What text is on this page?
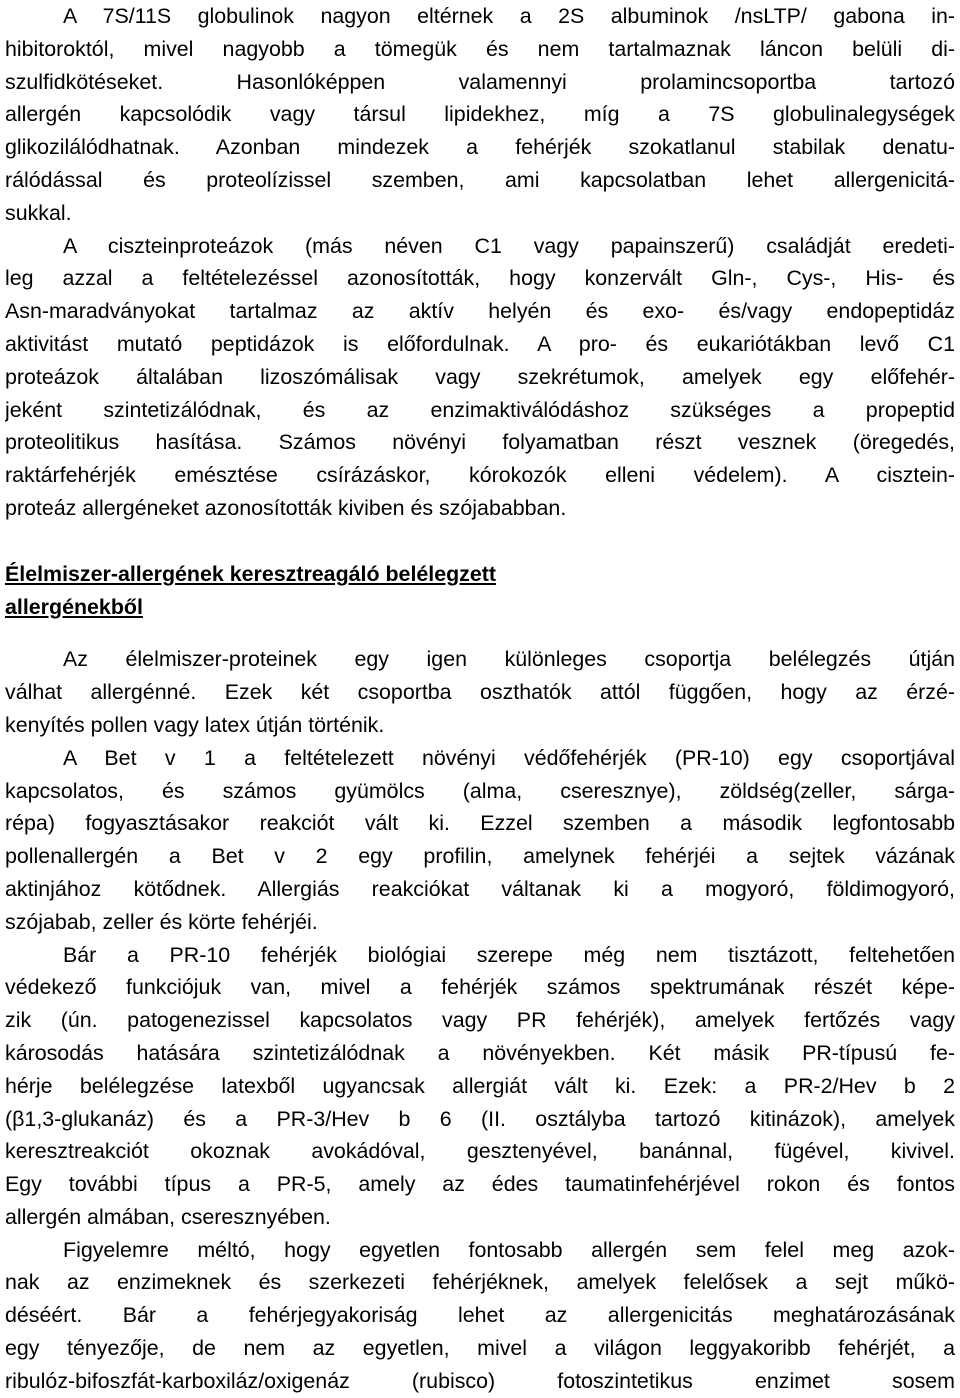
A 7S/11S globulinok nagyon eltérnek a 2S albuminok /nsLTP/ gabona in-
hibitoroktól, mivel nagyobb a tömegük és nem tartalmaznak láncon belüli di-
szulfidkötéseket. Hasonlóképpen valamennyi prolamincsoportba tartozó
allergén kapcsolódik vagy társul lipidekhez, míg a 7S globulinalegységek
glikozilálódhatnak. Azonban mindezek a fehérjék szokatlanul stabilak denatu-
rálódással és proteolízissel szemben, ami kapcsolatban lehet allergenicitá-
sukkal.
A ciszteinproteázok (más néven C1 vagy papainszerű) családját eredeti-
leg azzal a feltételezéssel azonosították, hogy konzervált Gln-, Cys-, His- és
Asn-maradványokat tartalmaz az aktív helyén és exo- és/vagy endopeptidáz
aktivitást mutató peptidázok is előfordulnak. A pro- és eukariótákban levő C1
proteázok általában lizoszómálisak vagy szekrétumok, amelyek egy előfehér-
jeként szintetizálódnak, és az enzimaktiválódáshoz szükséges a propeptid
proteolitikus hasítása. Számos növényi folyamatban részt vesznek (öregedés,
raktárfehérjék emésztése csírázáskor, kórokozók elleni védelem). A cisztein-
proteáz allergéneket azonosították kiviben és szójababban.
Élelmiszer-allergének keresztreagáló belélegzett
allergénekből
Az élelmiszer-proteinek egy igen különleges csoportja belélegzés útján
válhat allergénné. Ezek két csoportba oszthatók attól függően, hogy az érzé-
kenyítés pollen vagy latex útján történik.
A Bet v 1 a feltételezett növényi védőfehérjék (PR-10) egy csoportjával
kapcsolatos, és számos gyümölcs (alma, cseresznye), zöldség(zeller, sárga-
répa) fogyasztásakor reakciót vált ki. Ezzel szemben a második legfontosabb
pollenallergén a Bet v 2 egy profilin, amelynek fehérjéi a sejtek vázának
aktinjához kötődnek. Allergiás reakciókat váltanak ki a mogyoró, földimogyoró,
szójabab, zeller és körte fehérjéi.
Bár a PR-10 fehérjék biológiai szerepe még nem tisztázott, feltehetően
védekező funkciójuk van, mivel a fehérjék számos spektrumának részét képe-
zik (ún. patogenezissel kapcsolatos vagy PR fehérjék), amelyek fertőzés vagy
károsodás hatására szintetizálódnak a növényekben. Két másik PR-típusú fe-
hérje belélegzése latexből ugyancsak allergiát vált ki. Ezek: a PR-2/Hev b 2
(β1,3-glukanáz) és a PR-3/Hev b 6 (II. osztályba tartozó kitinázok), amelyek
keresztreakciót okoznak avokádóval, gesztenyével, banánnal, fügével, kivivel.
Egy további típus a PR-5, amely az édes taumatinfehérjével rokon és fontos
allergén almában, cseresznyében.
Figyelemre méltó, hogy egyetlen fontosabb allergén sem felel meg azok-
nak az enzimeknek és szerkezeti fehérjéknek, amelyek felelősek a sejt műkö-
déséért. Bár a fehérjegyakoriság lehet az allergenicitás meghatározásának
egy tényezője, de nem az egyetlen, mivel a világon leggyakoribb fehérjét, a
ribulóz-bifoszfát-karboxiláz/oxigenáz (rubisco) fotoszintetikus enzimet sosem
